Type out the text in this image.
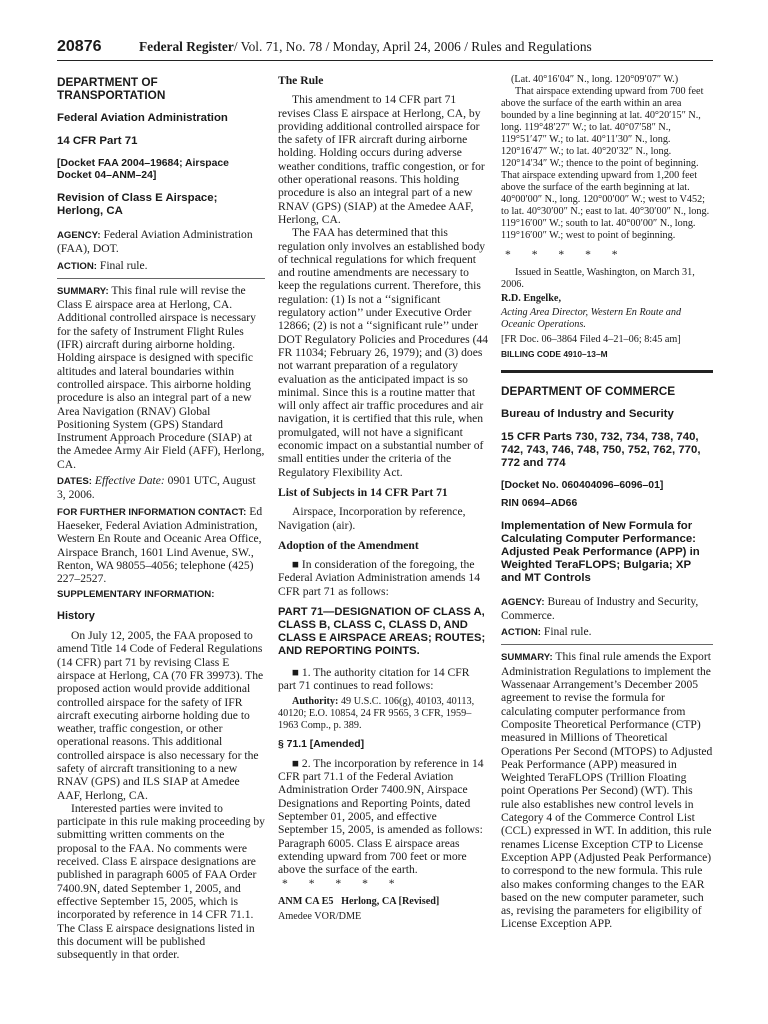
20876	Federal Register/ Vol. 71, No. 78 / Monday, April 24, 2006 / Rules and Regulations

DEPARTMENT OF TRANSPORTATION

Federal Aviation Administration

14 CFR Part 71

[Docket FAA 2004–19684; Airspace Docket 04–ANM–24]

Revision of Class E Airspace; Herlong, CA

AGENCY: Federal Aviation Administration (FAA), DOT.

ACTION: Final rule.

SUMMARY: This final rule will revise the Class E airspace area at Herlong, CA. Additional controlled airspace is necessary for the safety of Instrument Flight Rules (IFR) aircraft during airborne holding. Holding airspace is designed with specific altitudes and lateral boundaries within controlled airspace. This airborne holding procedure is also an integral part of a new Area Navigation (RNAV) Global Positioning System (GPS) Standard Instrument Approach Procedure (SIAP) at the Amedee Army Air Field (AFF), Herlong, CA.

DATES: Effective Date: 0901 UTC, August 3, 2006.

FOR FURTHER INFORMATION CONTACT: Ed Haeseker, Federal Aviation Administration, Western En Route and Oceanic Area Office, Airspace Branch, 1601 Lind Avenue, SW., Renton, WA 98055–4056; telephone (425) 227–2527.

SUPPLEMENTARY INFORMATION:

History

On July 12, 2005, the FAA proposed to amend Title 14 Code of Federal Regulations (14 CFR) part 71 by revising Class E airspace at Herlong, CA (70 FR 39973). The proposed action would provide additional controlled airspace for the safety of IFR aircraft executing airborne holding due to weather, traffic congestion, or other operational reasons. This additional controlled airspace is also necessary for the safety of aircraft transitioning to a new RNAV (GPS) and ILS SIAP at Amedee AAF, Herlong, CA.

Interested parties were invited to participate in this rule making proceeding by submitting written comments on the proposal to the FAA. No comments were received. Class E airspace designations are published in paragraph 6005 of FAA Order 7400.9N, dated September 1, 2005, and effective September 15, 2005, which is incorporated by reference in 14 CFR 71.1. The Class E airspace designations listed in this document will be published subsequently in that order.

The Rule

This amendment to 14 CFR part 71 revises Class E airspace at Herlong, CA, by providing additional controlled airspace for the safety of IFR aircraft during airborne holding. Holding occurs during adverse weather conditions, traffic congestion, or for other operational reasons. This holding procedure is also an integral part of a new RNAV (GPS) (SIAP) at the Amedee AAF, Herlong, CA.

The FAA has determined that this regulation only involves an established body of technical regulations for which frequent and routine amendments are necessary to keep the regulations current. Therefore, this regulation: (1) Is not a ‘‘significant regulatory action’’ under Executive Order 12866; (2) is not a ‘‘significant rule’’ under DOT Regulatory Policies and Procedures (44 FR 11034; February 26, 1979); and (3) does not warrant preparation of a regulatory evaluation as the anticipated impact is so minimal. Since this is a routine matter that will only affect air traffic procedures and air navigation, it is certified that this rule, when promulgated, will not have a significant economic impact on a substantial number of small entities under the criteria of the Regulatory Flexibility Act.

List of Subjects in 14 CFR Part 71

Airspace, Incorporation by reference, Navigation (air).

Adoption of the Amendment

■ In consideration of the foregoing, the Federal Aviation Administration amends 14 CFR part 71 as follows:

PART 71—DESIGNATION OF CLASS A, CLASS B, CLASS C, CLASS D, AND CLASS E AIRSPACE AREAS; ROUTES; AND REPORTING POINTS.

■ 1. The authority citation for 14 CFR part 71 continues to read follows:

Authority: 49 U.S.C. 106(g), 40103, 40113, 40120; E.O. 10854, 24 FR 9565, 3 CFR, 1959–1963 Comp., p. 389.

§ 71.1 [Amended]

■ 2. The incorporation by reference in 14 CFR part 71.1 of the Federal Aviation Administration Order 7400.9N, Airspace Designations and Reporting Points, dated September 01, 2005, and effective September 15, 2005, is amended as follows: Paragraph 6005. Class E airspace areas extending upward from 700 feet or more above the surface of the earth.

* * * * *

ANM CA E5 Herlong, CA [Revised]

Amedee VOR/DME

(Lat. 40°16′04″ N., long. 120°09′07″ W.)

That airspace extending upward from 700 feet above the surface of the earth within an area bounded by a line beginning at lat. 40°20′15″ N., long. 119°48′27″ W.; to lat. 40°07′58″ N., 119°51′47″ W.; to lat. 40°11′30″ N., long. 120°16′47″ W.; to lat. 40°20′32″ N., long. 120°14′34″ W.; thence to the point of beginning. That airspace extending upward from 1,200 feet above the surface of the earth beginning at lat. 40°00′00″ N., long. 120°00′00″ W.; west to V452; to lat. 40°30′00″ N.; east to lat. 40°30′00″ N., long. 119°16′00″ W.; south to lat. 40°00′00″ N., long. 119°16′00″ W.; west to point of beginning.

* * * * *

Issued in Seattle, Washington, on March 31, 2006.

R.D. Engelke,

Acting Area Director, Western En Route and Oceanic Operations.

[FR Doc. 06–3864 Filed 4–21–06; 8:45 am]

BILLING CODE 4910–13–M

DEPARTMENT OF COMMERCE

Bureau of Industry and Security

15 CFR Parts 730, 732, 734, 738, 740, 742, 743, 746, 748, 750, 752, 762, 770, 772 and 774

[Docket No. 060404096–6096–01]

RIN 0694–AD66

Implementation of New Formula for Calculating Computer Performance: Adjusted Peak Performance (APP) in Weighted TeraFLOPS; Bulgaria; XP and MT Controls

AGENCY: Bureau of Industry and Security, Commerce.

ACTION: Final rule.

SUMMARY: This final rule amends the Export Administration Regulations to implement the Wassenaar Arrangement’s December 2005 agreement to revise the formula for calculating computer performance from Composite Theoretical Performance (CTP) measured in Millions of Theoretical Operations Per Second (MTOPS) to Adjusted Peak Performance (APP) measured in Weighted TeraFLOPS (Trillion Floating point Operations Per Second) (WT). This rule also establishes new control levels in Category 4 of the Commerce Control List (CCL) expressed in WT. In addition, this rule renames License Exception CTP to License Exception APP (Adjusted Peak Performance) to correspond to the new formula. This rule also makes conforming changes to the EAR based on the new computer parameter, such as, revising the parameters for eligibility of License Exception APP.
